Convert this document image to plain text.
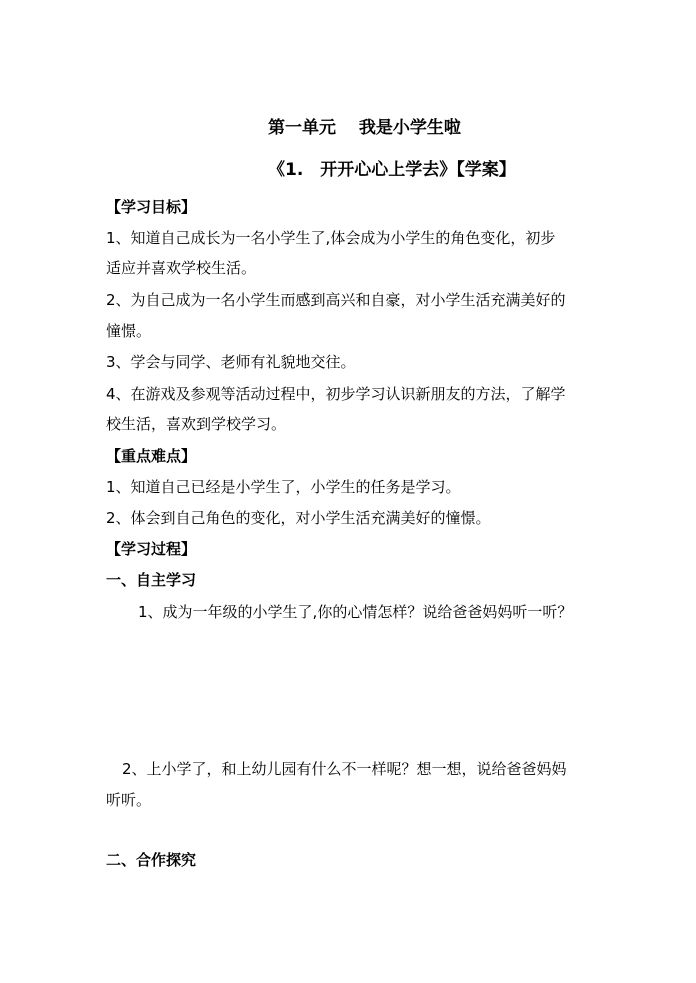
第一单元　 我是小学生啦
《1.　开开心心上学去》【学案】
【学习目标】
1、知道自己成长为一名小学生了,体会成为小学生的角色变化，初步
适应并喜欢学校生活。
2、为自己成为一名小学生而感到高兴和自豪，对小学生活充满美好的
憧憬。
3、学会与同学、老师有礼貌地交往。
4、在游戏及参观等活动过程中，初步学习认识新朋友的方法，了解学
校生活，喜欢到学校学习。
【重点难点】
1、知道自己已经是小学生了，小学生的任务是学习。
2、体会到自己角色的变化，对小学生活充满美好的憧憬。
【学习过程】
一、自主学习
1、成为一年级的小学生了,你的心情怎样？说给爸爸妈妈听一听？
2、上小学了，和上幼儿园有什么不一样呢？想一想，说给爸爸妈妈
听听。
二、合作探究
